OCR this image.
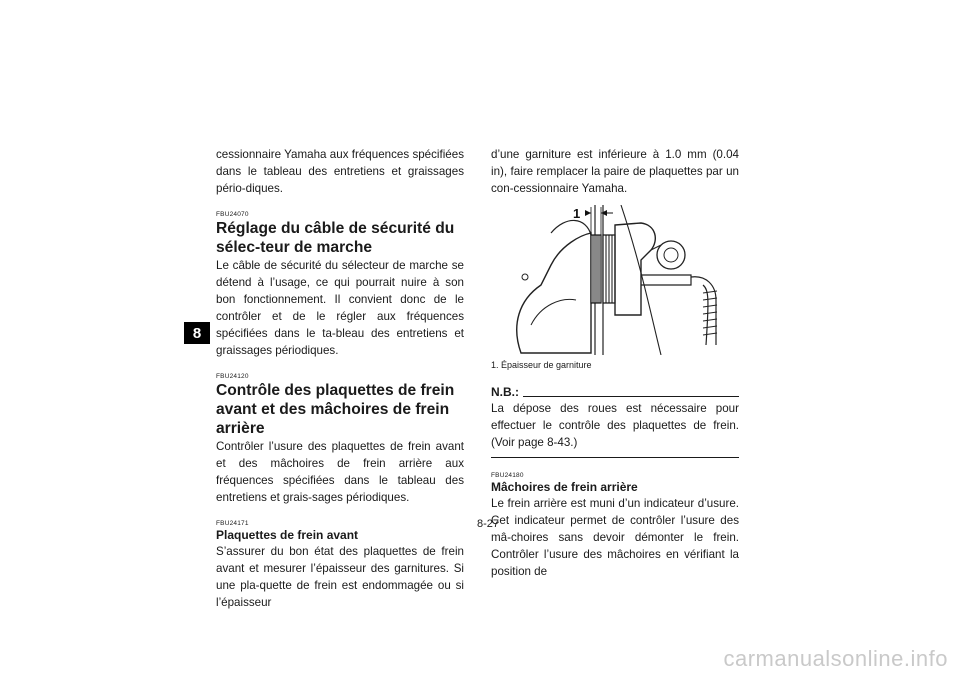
8

cessionnaire Yamaha aux fréquences spécifiées dans le tableau des entretiens et graissages pério-diques.

FBU24070

Réglage du câble de sécurité du sélec-teur de marche

Le câble de sécurité du sélecteur de marche se détend à l’usage, ce qui pourrait nuire à son bon fonctionnement. Il convient donc de le contrôler et de le régler aux fréquences spécifiées dans le ta-bleau des entretiens et graissages périodiques.

FBU24120

Contrôle des plaquettes de frein avant et des mâchoires de frein arrière

Contrôler l’usure des plaquettes de frein avant et des mâchoires de frein arrière aux fréquences spécifiées dans le tableau des entretiens et grais-sages périodiques.

FBU24171

Plaquettes de frein avant

S’assurer du bon état des plaquettes de frein avant et mesurer l’épaisseur des garnitures. Si une pla-quette de frein est endommagée ou si l’épaisseur

d’une garniture est inférieure à 1.0 mm (0.04 in), faire remplacer la paire de plaquettes par un con-cessionnaire Yamaha.

1

1. Épaisseur de garniture

N.B.:

La dépose des roues est nécessaire pour effectuer le contrôle des plaquettes de frein. (Voir page 8-43.)

FBU24180

Mâchoires de frein arrière

Le frein arrière est muni d’un indicateur d’usure. Cet indicateur permet de contrôler l’usure des mâ-choires sans devoir démonter le frein. Contrôler l’usure des mâchoires en vérifiant la position de

8-27
carmanualsonline.info
